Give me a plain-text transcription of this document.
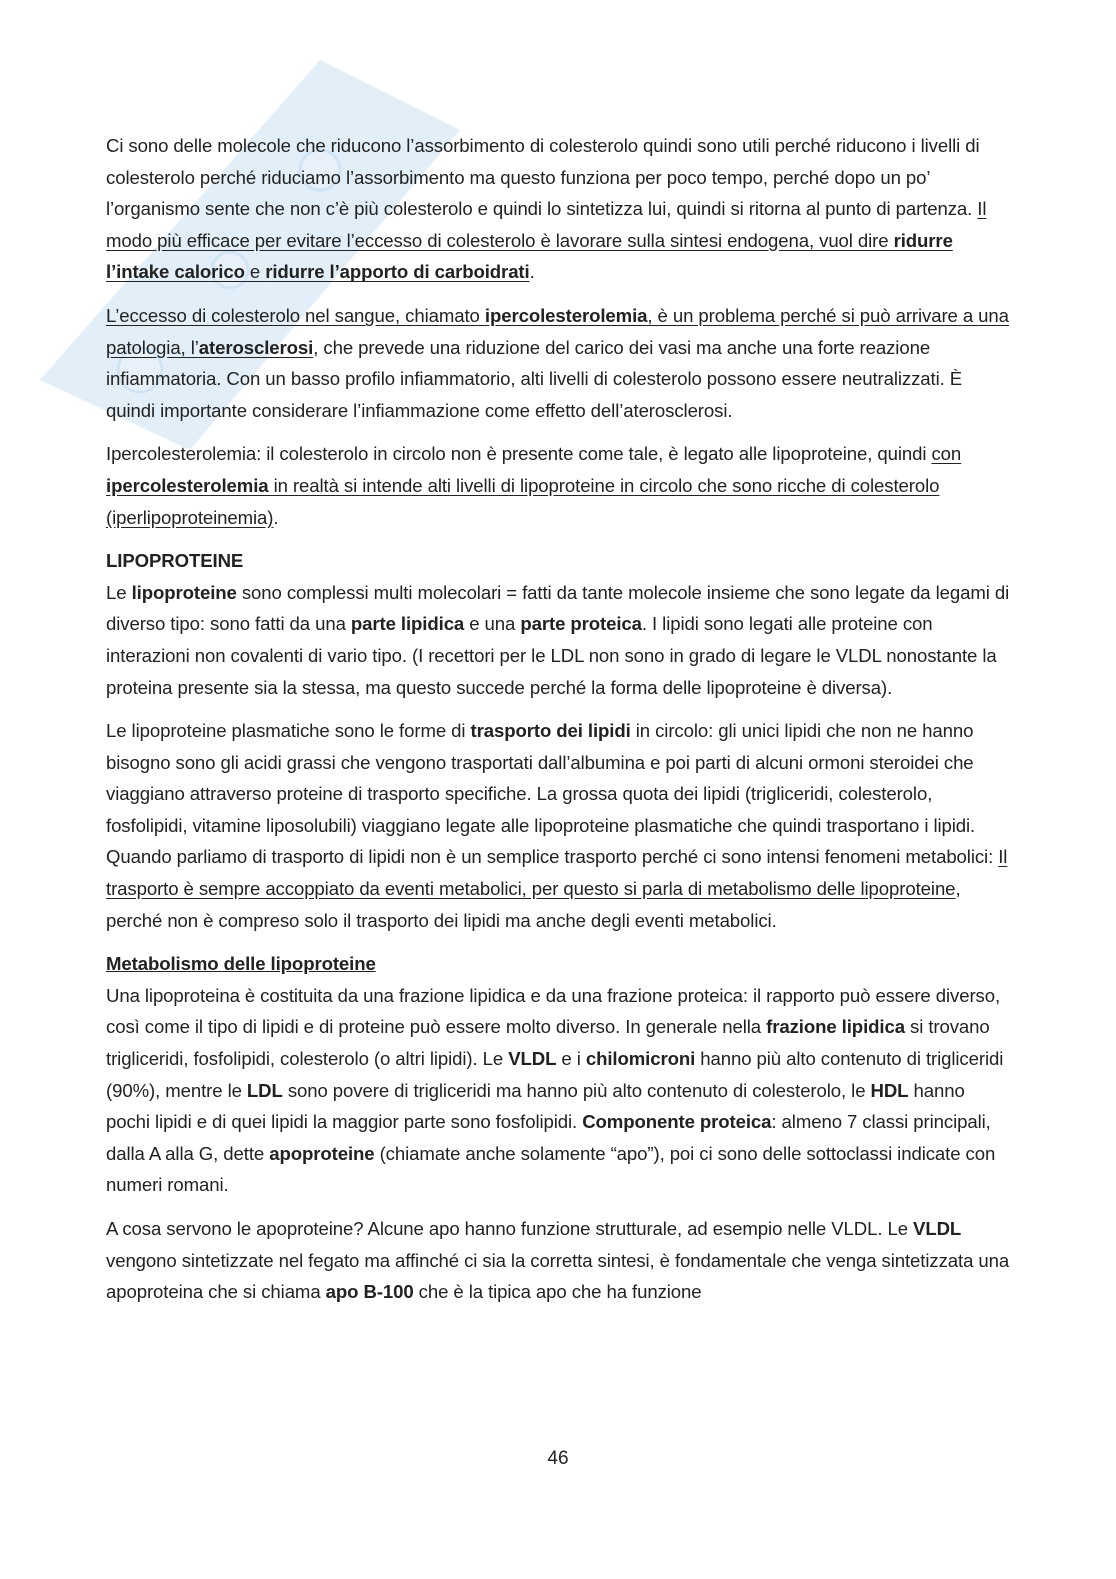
Ci sono delle molecole che riducono l’assorbimento di colesterolo quindi sono utili perché riducono i livelli di colesterolo perché riduciamo l’assorbimento ma questo funziona per poco tempo, perché dopo un po’ l’organismo sente che non c’è più colesterolo e quindi lo sintetizza lui, quindi si ritorna al punto di partenza. Il modo più efficace per evitare l’eccesso di colesterolo è lavorare sulla sintesi endogena, vuol dire ridurre l’intake calorico e ridurre l’apporto di carboidrati.

L’eccesso di colesterolo nel sangue, chiamato ipercolesterolemia, è un problema perché si può arrivare a una patologia, l’aterosclerosi, che prevede una riduzione del carico dei vasi ma anche una forte reazione infiammatoria. Con un basso profilo infiammatorio, alti livelli di colesterolo possono essere neutralizzati. È quindi importante considerare l’infiammazione come effetto dell’aterosclerosi.

Ipercolesterolemia: il colesterolo in circolo non è presente come tale, è legato alle lipoproteine, quindi con ipercolesterolemia in realtà si intende alti livelli di lipoproteine in circolo che sono ricche di colesterolo (iperlipoproteinemia).

LIPOPROTEINE

Le lipoproteine sono complessi multi molecolari = fatti da tante molecole insieme che sono legate da legami di diverso tipo: sono fatti da una parte lipidica e una parte proteica. I lipidi sono legati alle proteine con interazioni non covalenti di vario tipo. (I recettori per le LDL non sono in grado di legare le VLDL nonostante la proteina presente sia la stessa, ma questo succede perché la forma delle lipoproteine è diversa).

Le lipoproteine plasmatiche sono le forme di trasporto dei lipidi in circolo: gli unici lipidi che non ne hanno bisogno sono gli acidi grassi che vengono trasportati dall’albumina e poi parti di alcuni ormoni steroidei che viaggiano attraverso proteine di trasporto specifiche. La grossa quota dei lipidi (trigliceridi, colesterolo, fosfolipidi, vitamine liposolubili) viaggiano legate alle lipoproteine plasmatiche che quindi trasportano i lipidi. Quando parliamo di trasporto di lipidi non è un semplice trasporto perché ci sono intensi fenomeni metabolici: Il trasporto è sempre accoppiato da eventi metabolici, per questo si parla di metabolismo delle lipoproteine, perché non è compreso solo il trasporto dei lipidi ma anche degli eventi metabolici.

Metabolismo delle lipoproteine

Una lipoproteina è costituita da una frazione lipidica e da una frazione proteica: il rapporto può essere diverso, così come il tipo di lipidi e di proteine può essere molto diverso. In generale nella frazione lipidica si trovano trigliceridi, fosfolipidi, colesterolo (o altri lipidi). Le VLDL e i chilomicroni hanno più alto contenuto di trigliceridi (90%), mentre le LDL sono povere di trigliceridi ma hanno più alto contenuto di colesterolo, le HDL hanno pochi lipidi e di quei lipidi la maggior parte sono fosfolipidi. Componente proteica: almeno 7 classi principali, dalla A alla G, dette apoproteine (chiamate anche solamente “apo”), poi ci sono delle sottoclassi indicate con numeri romani.

A cosa servono le apoproteine? Alcune apo hanno funzione strutturale, ad esempio nelle VLDL. Le VLDL vengono sintetizzate nel fegato ma affinché ci sia la corretta sintesi, è fondamentale che venga sintetizzata una apoproteina che si chiama apo B-100 che è la tipica apo che ha funzione

46
